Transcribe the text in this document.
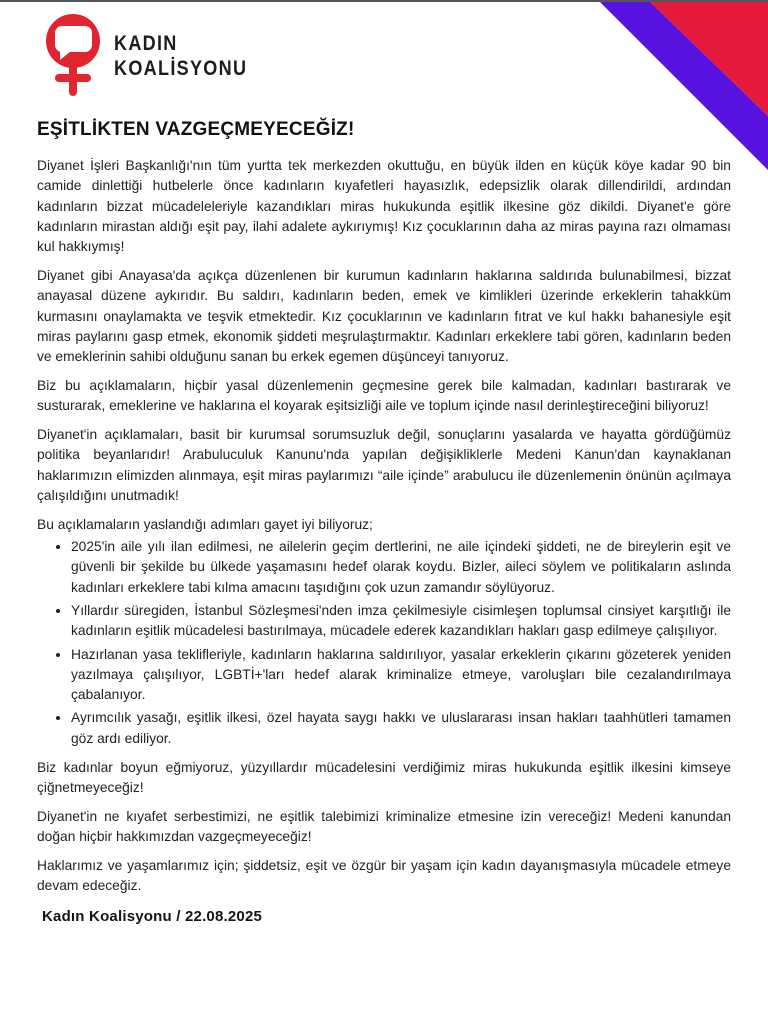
KADIN
KOALİSYONU
EŞİTLİKTEN VAZGEÇMEYECEĞİZ!

Diyanet İşleri Başkanlığı'nın tüm yurtta tek merkezden okuttuğu, en büyük ilden en küçük köye kadar 90 bin camide dinlettiği hutbelerle önce kadınların kıyafetleri hayasızlık, edepsizlik olarak dillendirildi, ardından kadınların bizzat mücadeleleriyle kazandıkları miras hukukunda eşitlik ilkesine göz dikildi. Diyanet'e göre kadınların mirastan aldığı eşit pay, ilahi adalete aykırıymış! Kız çocuklarının daha az miras payına razı olmaması kul hakkıymış!

Diyanet gibi Anayasa'da açıkça düzenlenen bir kurumun kadınların haklarına saldırıda bulunabilmesi, bizzat anayasal düzene aykırıdır. Bu saldırı, kadınların beden, emek ve kimlikleri üzerinde erkeklerin tahakküm kurmasını onaylamakta ve teşvik etmektedir. Kız çocuklarının ve kadınların fıtrat ve kul hakkı bahanesiyle eşit miras paylarını gasp etmek, ekonomik şiddeti meşrulaştırmaktır. Kadınları erkeklere tabi gören, kadınların beden ve emeklerinin sahibi olduğunu sanan bu erkek egemen düşünceyi tanıyoruz.

Biz bu açıklamaların, hiçbir yasal düzenlemenin geçmesine gerek bile kalmadan, kadınları bastırarak ve susturarak, emeklerine ve haklarına el koyarak eşitsizliği aile ve toplum içinde nasıl derinleştireceğini biliyoruz!

Diyanet'in açıklamaları, basit bir kurumsal sorumsuzluk değil, sonuçlarını yasalarda ve hayatta gördüğümüz politika beyanlarıdır! Arabuluculuk Kanunu'nda yapılan değişikliklerle Medeni Kanun'dan kaynaklanan haklarımızın elimizden alınmaya, eşit miras paylarımızı “aile içinde” arabulucu ile düzenlemenin önünün açılmaya çalışıldığını unutmadık!

Bu açıklamaların yaslandığı adımları gayet iyi biliyoruz;

• 2025'in aile yılı ilan edilmesi, ne ailelerin geçim dertlerini, ne aile içindeki şiddeti, ne de bireylerin eşit ve güvenli bir şekilde bu ülkede yaşamasını hedef olarak koydu. Bizler, aileci söylem ve politikaların aslında kadınları erkeklere tabi kılma amacını taşıdığını çok uzun zamandır söylüyoruz.
• Yıllardır süregiden, İstanbul Sözleşmesi'nden imza çekilmesiyle cisimleşen toplumsal cinsiyet karşıtlığı ile kadınların eşitlik mücadelesi bastırılmaya, mücadele ederek kazandıkları hakları gasp edilmeye çalışılıyor.
• Hazırlanan yasa teklifleriyle, kadınların haklarına saldırılıyor, yasalar erkeklerin çıkarını gözeterek yeniden yazılmaya çalışılıyor, LGBTİ+'ları hedef alarak kriminalize etmeye, varoluşları bile cezalandırılmaya çabalanıyor.
• Ayrımcılık yasağı, eşitlik ilkesi, özel hayata saygı hakkı ve uluslararası insan hakları taahhütleri tamamen göz ardı ediliyor.

Biz kadınlar boyun eğmiyoruz, yüzyıllardır mücadelesini verdiğimiz miras hukukunda eşitlik ilkesini kimseye çiğnetmeyeceğiz!

Diyanet'in ne kıyafet serbestimizi, ne eşitlik talebimizi kriminalize etmesine izin vereceğiz! Medeni kanundan doğan hiçbir hakkımızdan vazgeçmeyeceğiz!

Haklarımız ve yaşamlarımız için; şiddetsiz, eşit ve özgür bir yaşam için kadın dayanışmasıyla mücadele etmeye devam edeceğiz.

Kadın Koalisyonu / 22.08.2025
